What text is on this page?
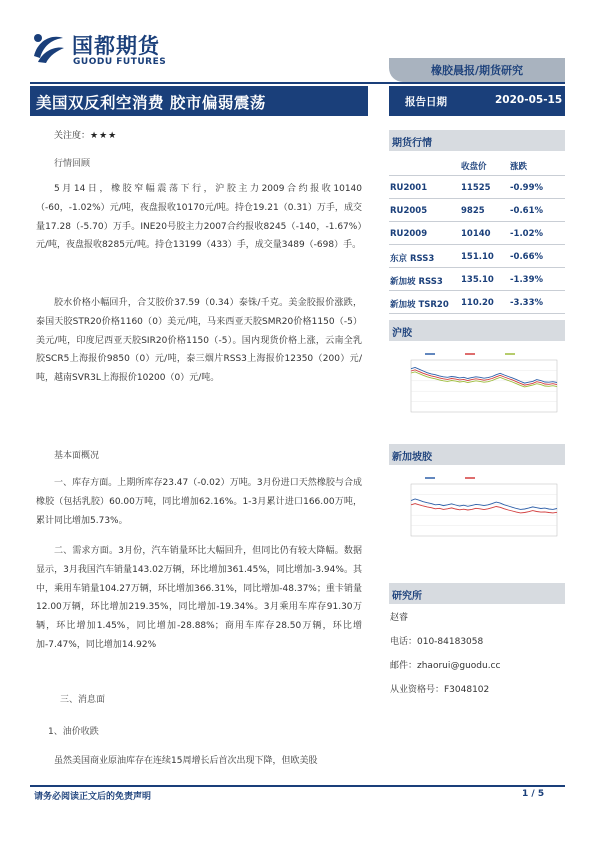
国都期货
GUODU FUTURES
橡胶晨报/期货研究
美国双反利空消费 胶市偏弱震荡	报告日期	2020-05-15
关注度：★★★
行情回顾

5月14日，橡胶窄幅震荡下行，沪胶主力2009合约报收10140（-60，-1.02%）元/吨，夜盘报收10170元/吨。持仓19.21（0.31）万手，成交量17.28（-5.70）万手。INE20号胶主力2007合约报收8245（-140，-1.67%）元/吨，夜盘报收8285元/吨。持仓13199（433）手，成交量3489（-698）手。

胶水价格小幅回升，合艾胶价37.59（0.34）泰铢/千克。美金胶报价涨跌，泰国天胶STR20价格1160（0）美元/吨，马来西亚天胶SMR20价格1150（-5）美元/吨，印度尼西亚天胶SIR20价格1150（-5）。国内现货价格上涨，云南全乳胶SCR5上海报价9850（0）元/吨，泰三烟片RSS3上海报价12350（200）元/吨，越南SVR3L上海报价10200（0）元/吨。

基本面概况

一、库存方面。上期所库存23.47（-0.02）万吨。3月份进口天然橡胶与合成橡胶（包括乳胶）60.00万吨，同比增加62.16%。1-3月累计进口166.00万吨，累计同比增加5.73%。

二、需求方面。3月份，汽车销量环比大幅回升，但同比仍有较大降幅。数据显示，3月我国汽车销量143.02万辆，环比增加361.45%，同比增加-3.94%。其中，乘用车销量104.27万辆，环比增加366.31%，同比增加-48.37%；重卡销量12.00万辆，环比增加219.35%，同比增加-19.34%。3月乘用车库存91.30万辆，环比增加1.45%，同比增加-28.88%；商用车库存28.50万辆，环比增加-7.47%，同比增加14.92%

三、消息面
1、油价收跌

虽然美国商业原油库存在连续15周增长后首次出现下降，但欧美股

期货行情
收盘价	涨跌
RU2001	11525 -0.99%
RU2005	9825	-0.61%
RU2009	10140 -1.02%
东京 RSS3	151.10 -0.66%
新加坡 RSS3 135.10 -1.39%
新加坡 TSR20 110.20 -3.33%
沪胶
新加坡胶
研究所
赵睿
电话：010-84183058
邮件：zhaorui@guodu.cc
从业资格号：F3048102
请务必阅读正文后的免责声明	1 / 5
